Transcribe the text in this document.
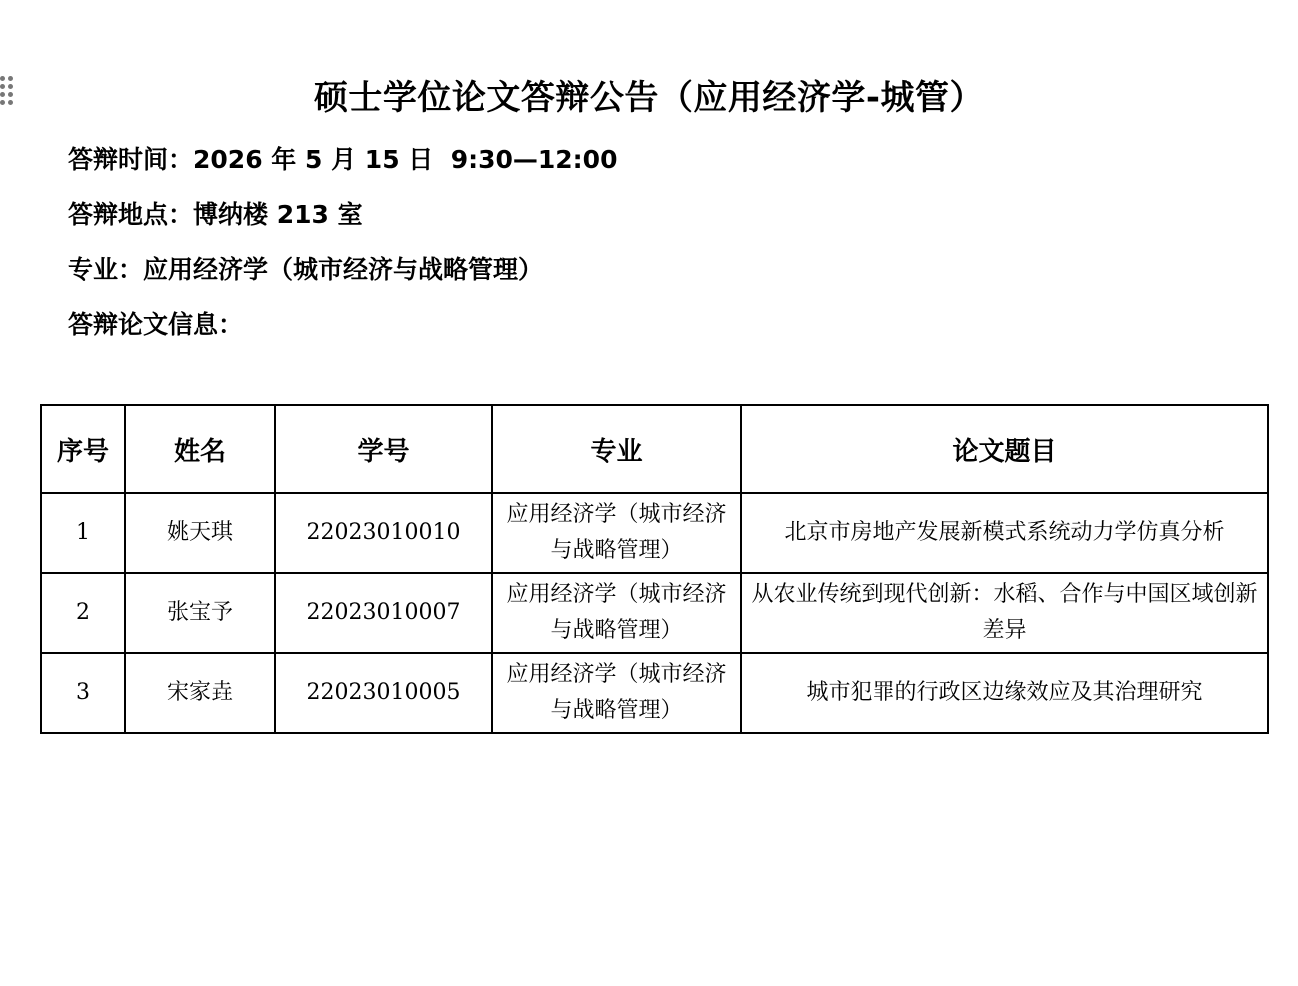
硕士学位论文答辩公告（应用经济学-城管）
答辩时间：2026 年 5 月 15 日  9:30—12:00
答辩地点：博纳楼 213 室
专业：应用经济学（城市经济与战略管理）
答辩论文信息：
序号	姓名	学号	专业	论文题目
1	姚天琪	22023010010	应用经济学（城市经济与战略管理）	北京市房地产发展新模式系统动力学仿真分析
2	张宝予	22023010007	应用经济学（城市经济与战略管理）	从农业传统到现代创新：水稻、合作与中国区域创新差异
3	宋家垚	22023010005	应用经济学（城市经济与战略管理）	城市犯罪的行政区边缘效应及其治理研究
